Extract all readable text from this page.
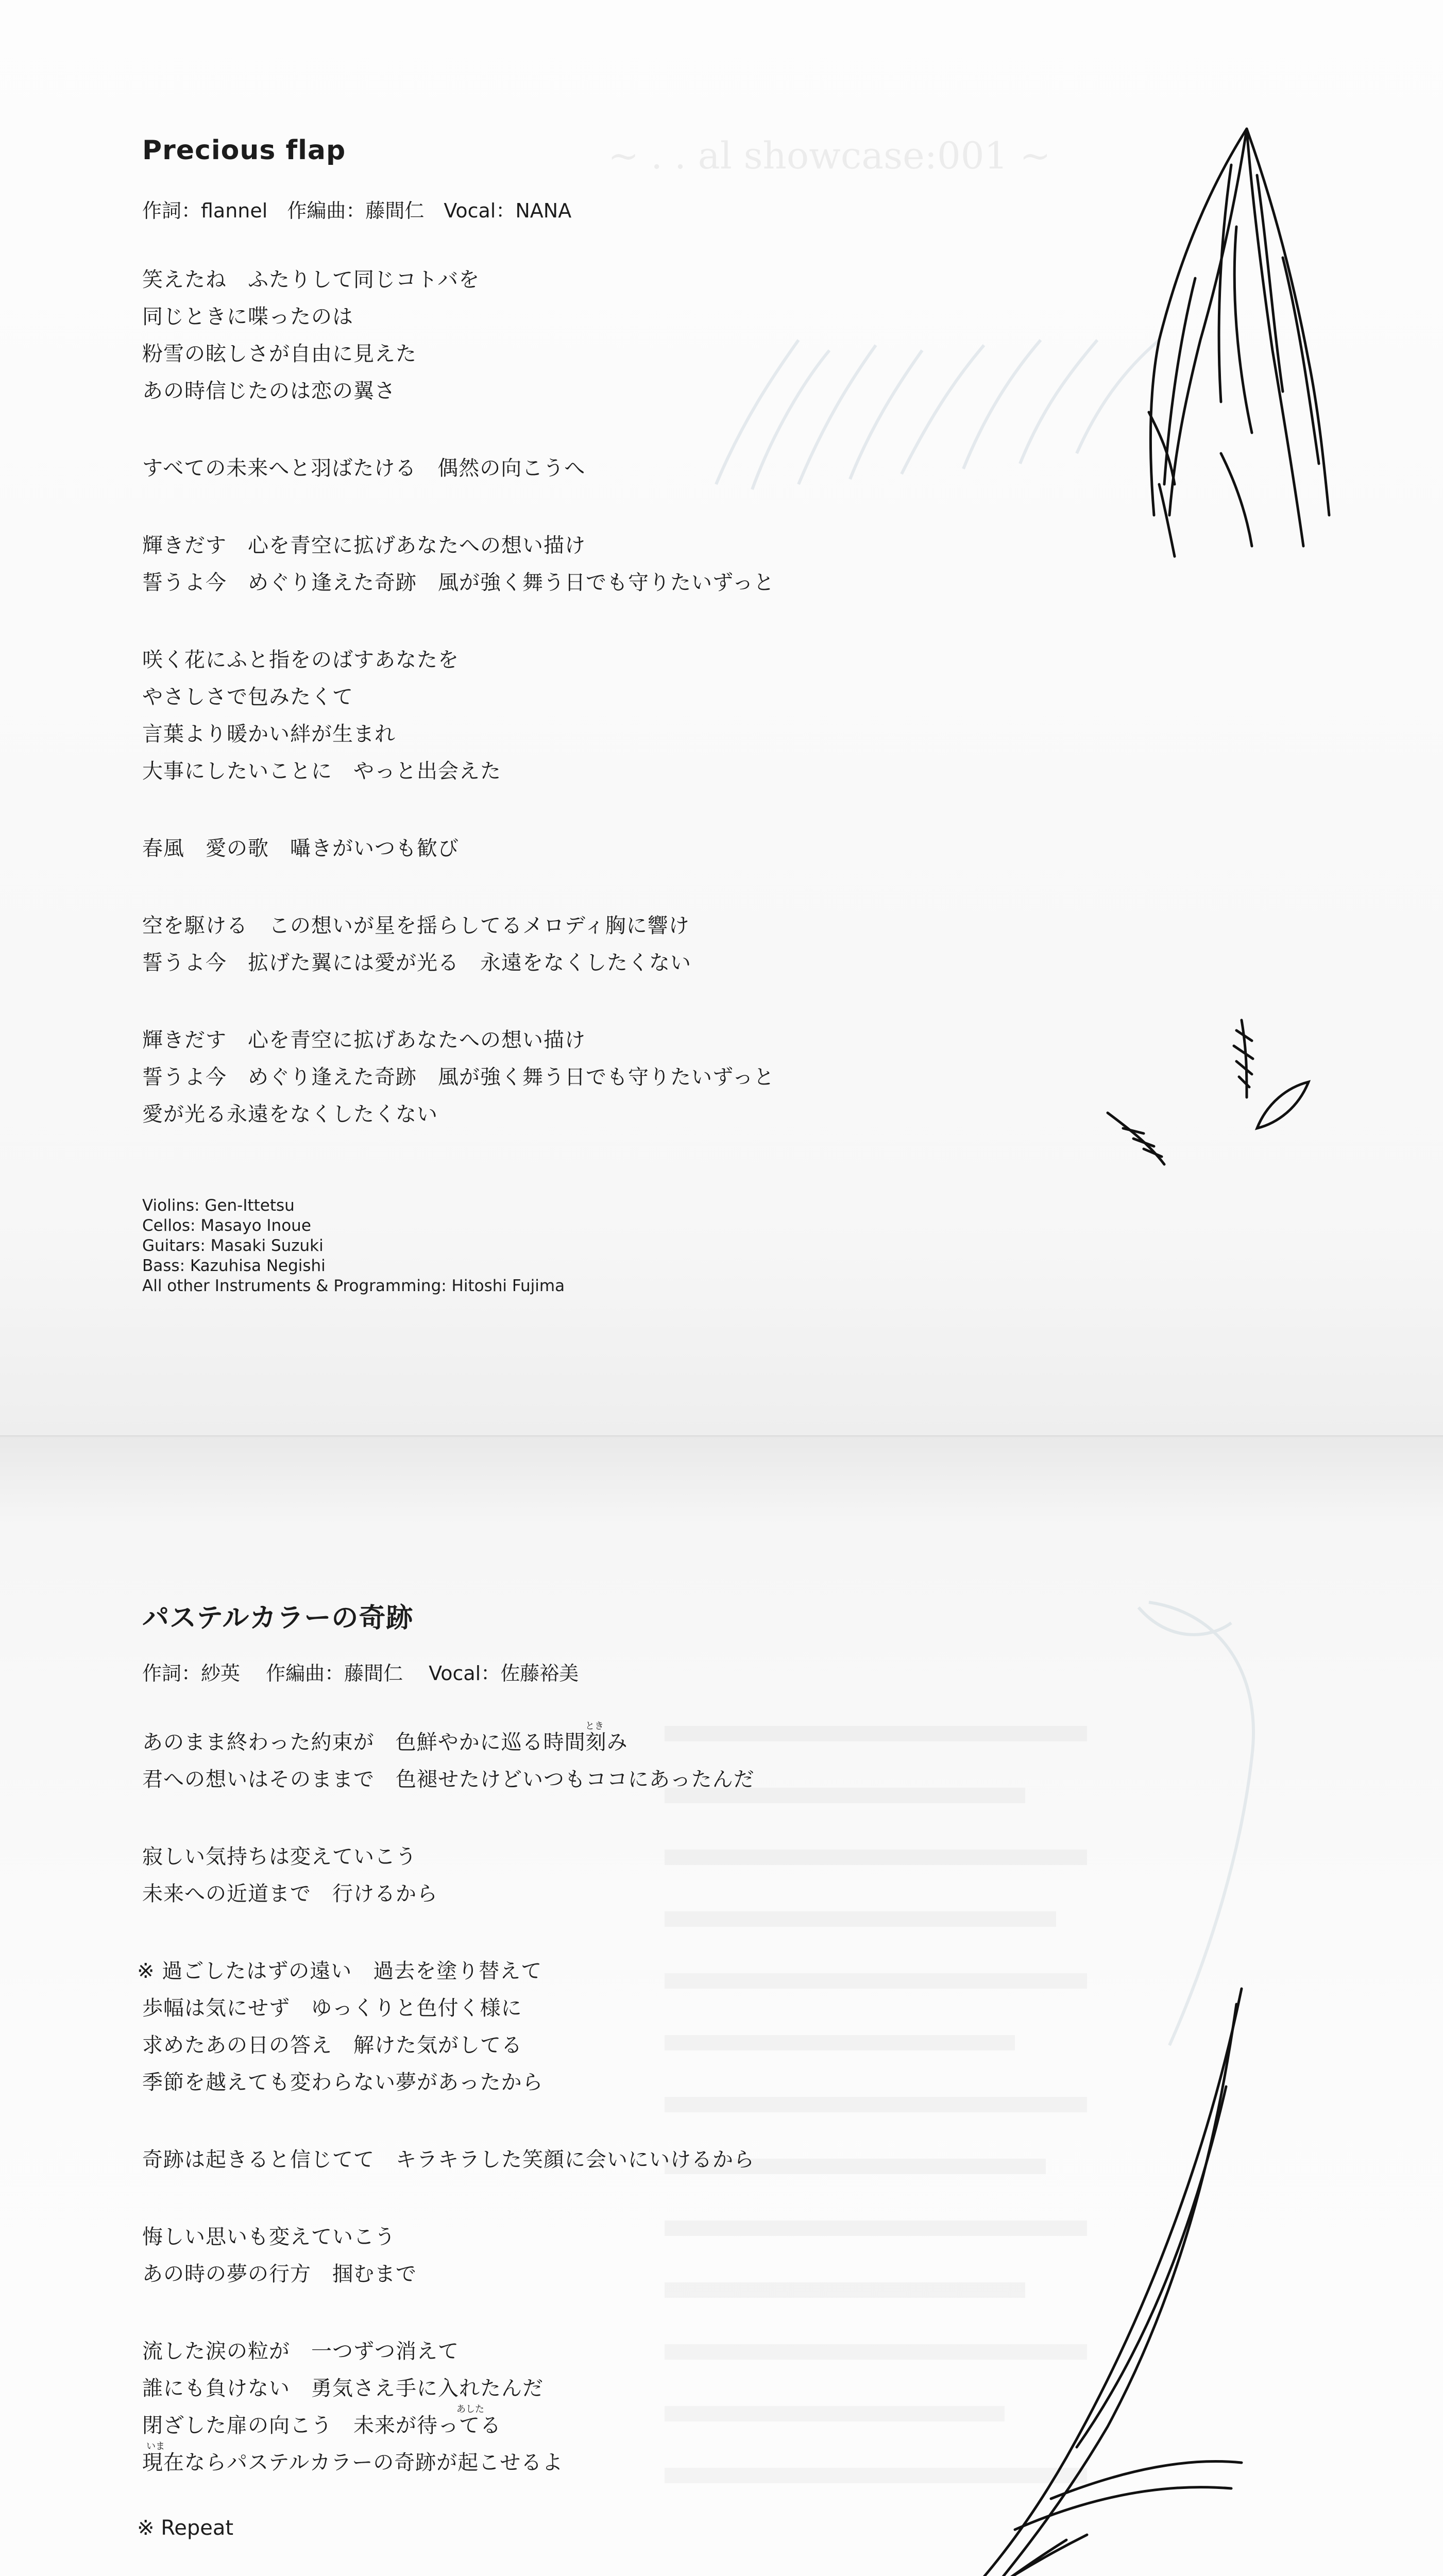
~ . . al showcase:001 ~
Precious flap
作詞：flannel　作編曲：藤間仁　Vocal：NANA
笑えたね　ふたりして同じコトバを
同じときに喋ったのは
粉雪の眩しさが自由に見えた
あの時信じたのは恋の翼さ
すべての未来へと羽ばたける　偶然の向こうへ
輝きだす　心を青空に拡げあなたへの想い描け
誓うよ今　めぐり逢えた奇跡　風が強く舞う日でも守りたいずっと
咲く花にふと指をのばすあなたを
やさしさで包みたくて
言葉より暖かい絆が生まれ
大事にしたいことに　やっと出会えた
春風　愛の歌　囁きがいつも歓び
空を駆ける　この想いが星を揺らしてるメロディ胸に響け
誓うよ今　拡げた翼には愛が光る　永遠をなくしたくない
輝きだす　心を青空に拡げあなたへの想い描け
誓うよ今　めぐり逢えた奇跡　風が強く舞う日でも守りたいずっと
愛が光る永遠をなくしたくない
Violins: Gen-Ittetsu
Cellos: Masayo Inoue
Guitars: Masaki Suzuki
Bass: Kazuhisa Negishi
All other Instruments & Programming: Hitoshi Fujima
パステルカラーの奇跡
作詞：紗英　 作編曲：藤間仁　 Vocal：佐藤裕美
とき
あのまま終わった約束が　色鮮やかに巡る時間刻み
君への想いはそのままで　色褪せたけどいつもココにあったんだ
寂しい気持ちは変えていこう
未来への近道まで　行けるから
※ 過ごしたはずの遠い　過去を塗り替えて
歩幅は気にせず　ゆっくりと色付く様に
求めたあの日の答え　解けた気がしてる
季節を越えても変わらない夢があったから
奇跡は起きると信じてて　キラキラした笑顔に会いにいけるから
悔しい思いも変えていこう
あの時の夢の行方　掴むまで
流した涙の粒が　一つずつ消えて
誰にも負けない　勇気さえ手に入れたんだ
あした
閉ざした扉の向こう　未来が待ってる
いま
現在ならパステルカラーの奇跡が起こせるよ
※ Repeat
